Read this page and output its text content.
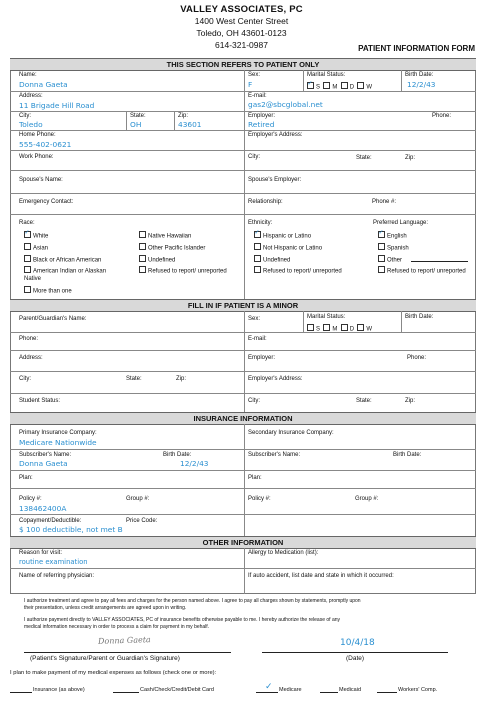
VALLEY ASSOCIATES, PC
1400 West Center Street
Toledo, OH 43601-0123
614-321-0987	PATIENT INFORMATION FORM
THIS SECTION REFERS TO PATIENT ONLY
Name:
Donna Gaeta
Sex:
F
Marital Status:
✓S M D W
Birth Date:
12/2/43
Address:
11 Brigade Hill Road
E-mail:
gas2@sbcglobal.net
City:
Toledo
State:
OH
Zip:
43601
Employer:
Retired
Phone:
Home Phone:
555-402-0621
Employer's Address:
Work Phone:	City:	State:	Zip:
Spouse's Name:	Spouse's Employer:
Emergency Contact:	Relationship:	Phone #:
Race:
✓White
Asian
Black or African American
American Indian or Alaskan Native
More than one
Native Hawaiian
Other Pacific Islander
Undefined
Refused to report/ unreported
Ethnicity:
✓Hispanic or Latino
Not Hispanic or Latino
Undefined
Refused to report/ unreported
Preferred Language:
✓English
Spanish
Other
Refused to report/ unreported
FILL IN IF PATIENT IS A MINOR
Parent/Guardian's Name:	Sex:	Marital Status:
S M D W
Birth Date:
Phone:	E-mail:
Address:	Employer:	Phone:
City:	State:	Zip:	Employer's Address:
Student Status:	City:	State:	Zip:
INSURANCE INFORMATION
Primary Insurance Company:
Medicare Nationwide
Secondary Insurance Company:
Subscriber's Name:
Donna Gaeta
Birth Date:
12/2/43
Subscriber's Name:	Birth Date:
Plan:	Plan:
Policy #:
138462400A
Group #:	Policy #:	Group #:
Copayment/Deductible:
$ 100 deductible, not met B
Price Code:
OTHER INFORMATION
Reason for visit:
routine examination
Allergy to Medication (list):
Name of referring physician:	If auto accident, list date and state in which it occurred:
I authorize treatment and agree to pay all fees and charges for the person named above. I agree to pay all charges shown by statements, promptly upon their presentation, unless credit arrangements are agreed upon in writing.
I authorize payment directly to VALLEY ASSOCIATES, PC of insurance benefits otherwise payable to me. I hereby authorize the release of any medical information necessary in order to process a claim for payment in my behalf.
Donna Gaeta	10/4/18
(Patient's Signature/Parent or Guardian's Signature)	(Date)
I plan to make payment of my medical expenses as follows (check one or more):
Insurance (as above)	Cash/Check/Credit/Debit Card	✓ Medicare	Medicaid	Workers' Comp.
